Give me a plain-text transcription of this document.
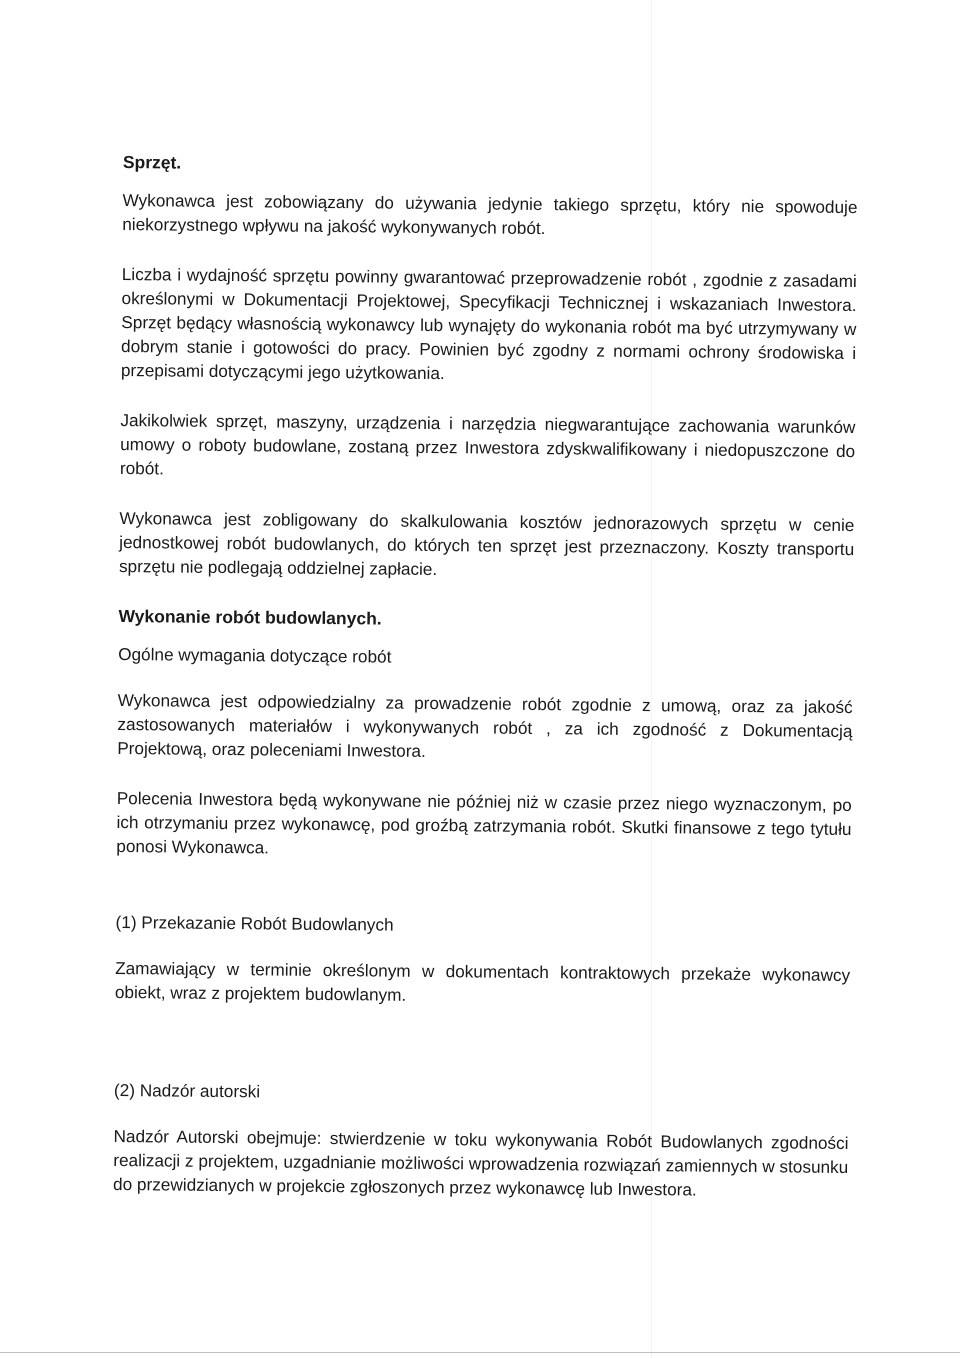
Sprzęt.

Wykonawca jest zobowiązany do używania jedynie takiego sprzętu, który nie spowoduje niekorzystnego wpływu na jakość wykonywanych robót.

Liczba i wydajność sprzętu powinny gwarantować przeprowadzenie robót , zgodnie z zasadami określonymi w Dokumentacji Projektowej, Specyfikacji Technicznej i wskazaniach Inwestora. Sprzęt będący własnością wykonawcy lub wynajęty do wykonania robót ma być utrzymywany w dobrym stanie i gotowości do pracy. Powinien być zgodny z normami ochrony środowiska i przepisami dotyczącymi jego użytkowania.

Jakikolwiek sprzęt, maszyny, urządzenia i narzędzia niegwarantujące zachowania warunków umowy o roboty budowlane, zostaną przez Inwestora zdyskwalifikowany i niedopuszczone do robót.

Wykonawca jest zobligowany do skalkulowania kosztów jednorazowych sprzętu w cenie jednostkowej robót budowlanych, do których ten sprzęt jest przeznaczony. Koszty transportu sprzętu nie podlegają oddzielnej zapłacie.

Wykonanie robót budowlanych.
Ogólne wymagania dotyczące robót

Wykonawca jest odpowiedzialny za prowadzenie robót zgodnie z umową, oraz za jakość zastosowanych materiałów i wykonywanych robót , za ich zgodność z Dokumentacją Projektową, oraz poleceniami Inwestora.

Polecenia Inwestora będą wykonywane nie później niż w czasie przez niego wyznaczonym, po ich otrzymaniu przez wykonawcę, pod groźbą zatrzymania robót. Skutki finansowe z tego tytułu ponosi Wykonawca.

(1) Przekazanie Robót Budowlanych

Zamawiający w terminie określonym w dokumentach kontraktowych przekaże wykonawcy obiekt, wraz z projektem budowlanym.

(2) Nadzór autorski

Nadzór Autorski obejmuje: stwierdzenie w toku wykonywania Robót Budowlanych zgodności realizacji z projektem, uzgadnianie możliwości wprowadzenia rozwiązań zamiennych w stosunku do przewidzianych w projekcie zgłoszonych przez wykonawcę lub Inwestora.
